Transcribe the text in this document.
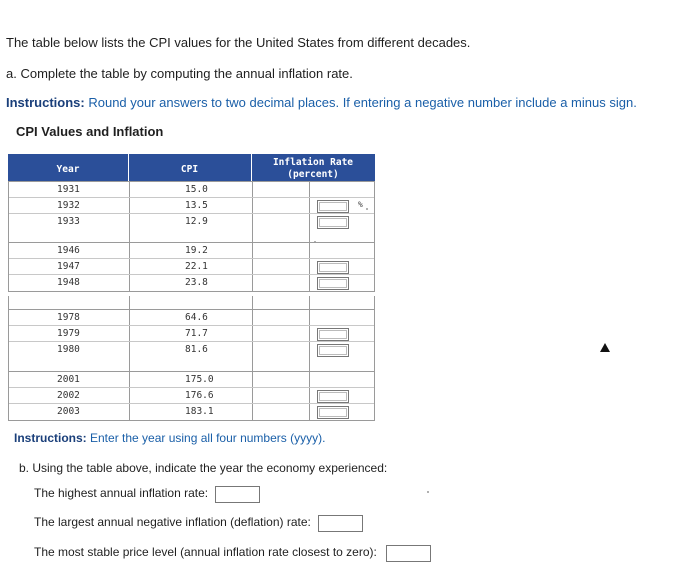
The table below lists the CPI values for the United States from different decades.
a. Complete the table by computing the annual inflation rate.
Instructions: Round your answers to two decimal places. If entering a negative number include a minus sign.
CPI Values and Inflation
Year	CPI
Inflation Rate
(percent)
1931	15.0
1932	13.5	%
1933	12.9
1946	19.2
1947	22.1
1948	23.8
1978	64.6
1979	71.7
1980	81.6
2001	175.0
2002	176.6
2003	183.1
Instructions: Enter the year using all four numbers (yyyy).
b. Using the table above, indicate the year the economy experienced:
The highest annual inflation rate:
The largest annual negative inflation (deflation) rate:
The most stable price level (annual inflation rate closest to zero):
